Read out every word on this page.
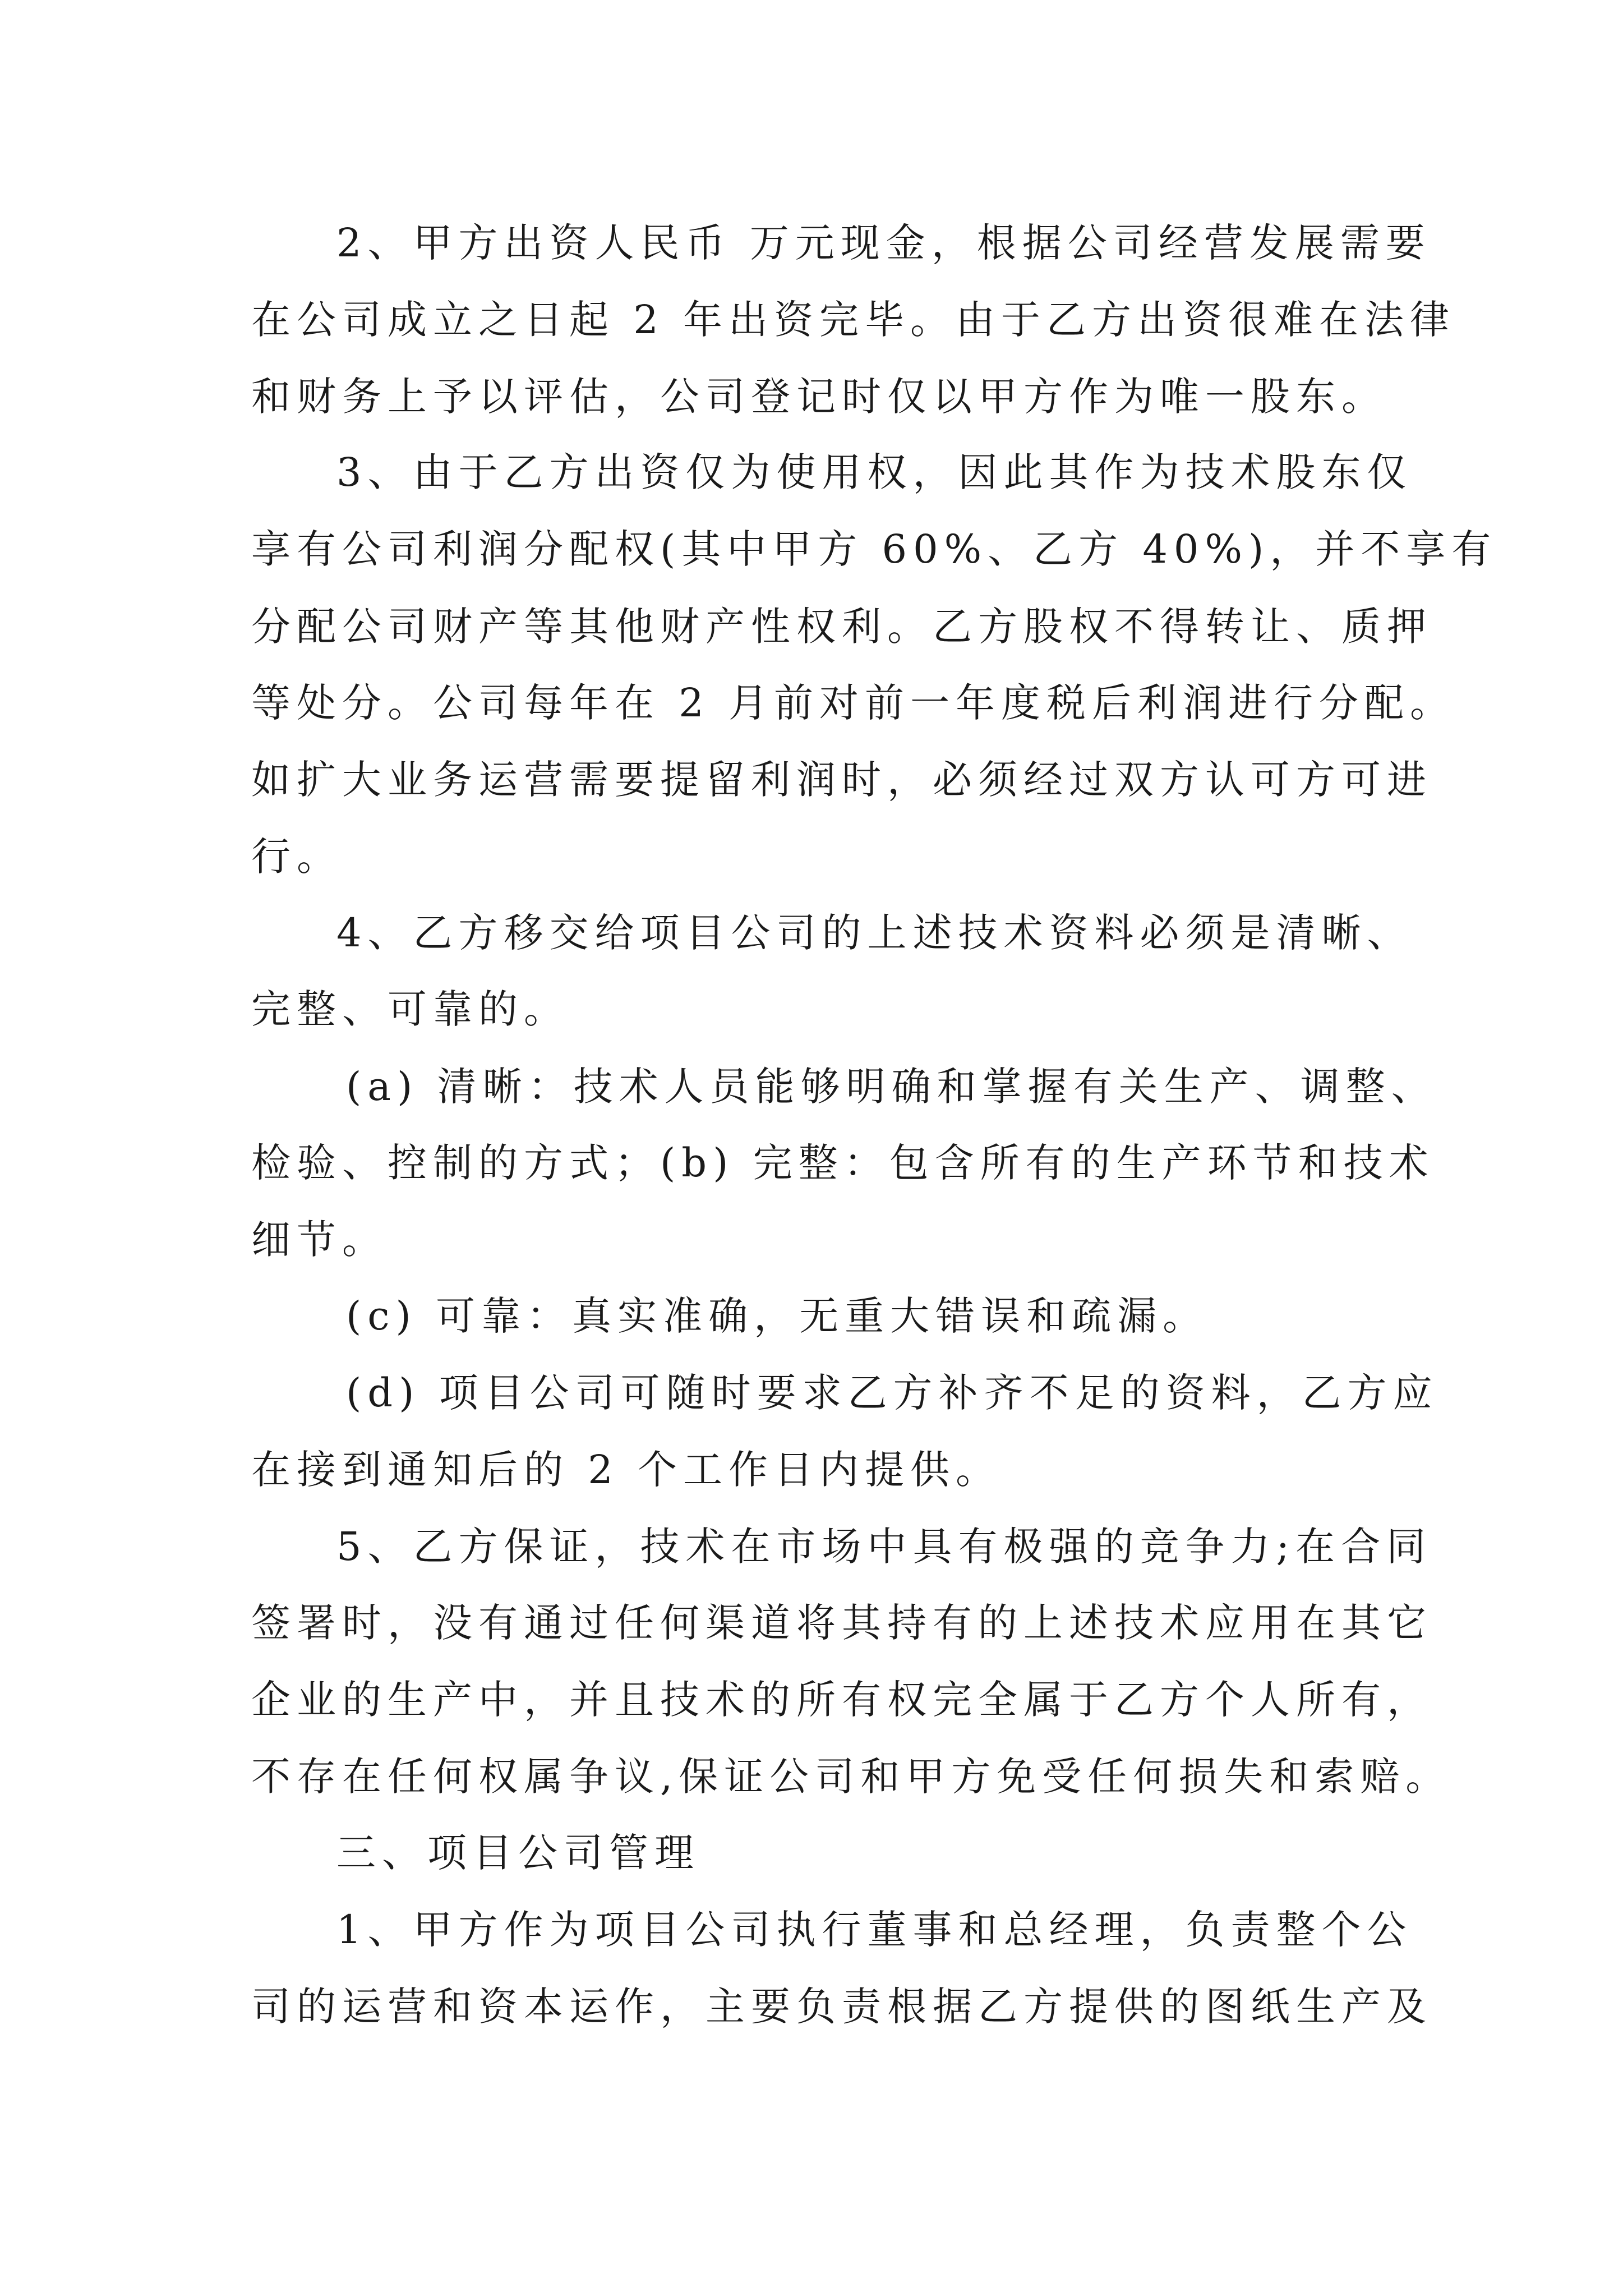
2、甲方出资人民币 万元现金，根据公司经营发展需要
在公司成立之日起 2 年出资完毕。由于乙方出资很难在法律
和财务上予以评估，公司登记时仅以甲方作为唯一股东。
3、由于乙方出资仅为使用权，因此其作为技术股东仅
享有公司利润分配权(其中甲方 60%、乙方 40%)，并不享有
分配公司财产等其他财产性权利。乙方股权不得转让、质押
等处分。公司每年在 2 月前对前一年度税后利润进行分配。
如扩大业务运营需要提留利润时，必须经过双方认可方可进
行。
4、乙方移交给项目公司的上述技术资料必须是清晰、
完整、可靠的。
(a) 清晰：技术人员能够明确和掌握有关生产、调整、
检验、控制的方式；(b) 完整：包含所有的生产环节和技术
细节。
(c) 可靠：真实准确，无重大错误和疏漏。
(d) 项目公司可随时要求乙方补齐不足的资料，乙方应
在接到通知后的 2 个工作日内提供。
5、乙方保证，技术在市场中具有极强的竞争力;在合同
签署时，没有通过任何渠道将其持有的上述技术应用在其它
企业的生产中，并且技术的所有权完全属于乙方个人所有，
不存在任何权属争议,保证公司和甲方免受任何损失和索赔。
三、项目公司管理
1、甲方作为项目公司执行董事和总经理，负责整个公
司的运营和资本运作，主要负责根据乙方提供的图纸生产及
